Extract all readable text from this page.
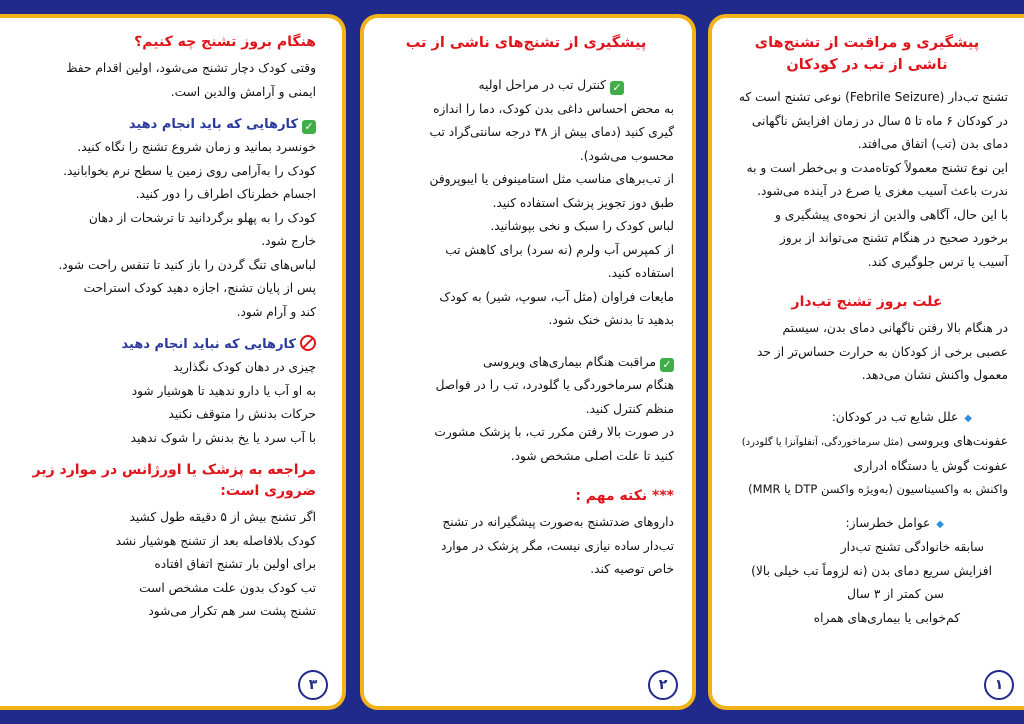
پیشگیری و مراقبت از تشنج‌های
ناشی از تب در کودکان

تشنج تب‌دار (Febrile Seizure) نوعی تشنج است که

در کودکان ۶ ماه تا ۵ سال در زمان افزایش ناگهانی

دمای بدن (تب) اتفاق می‌افتد.

این نوع تشنج معمولاً کوتاه‌مدت و بی‌خطر است و به

ندرت باعث آسیب مغزی یا صرع در آینده می‌شود.

با این حال، آگاهی والدین از نحوه‌ی پیشگیری و

برخورد صحیح در هنگام تشنج می‌تواند از بروز

آسیب یا ترس جلوگیری کند.

علت بروز تشنج تب‌دار

در هنگام بالا رفتن ناگهانی دمای بدن، سیستم

عصبی برخی از کودکان به حرارت حساس‌تر از حد

معمول واکنش نشان می‌دهد.

◆علل شایع تب در کودکان:

عفونت‌های ویروسی (مثل سرماخوردگی، آنفلوآنزا یا گلودرد)

عفونت گوش یا دستگاه ادراری

واکنش به واکسیناسیون (به‌ویژه واکسن DTP یا MMR)

◆عوامل خطرساز:

سابقه خانوادگی تشنج تب‌دار

افزایش سریع دمای بدن (نه لزوماً تب خیلی بالا)

سن کمتر از ۳ سال

کم‌خوابی یا بیماری‌های همراه

۱

پیشگیری از تشنج‌های ناشی از تب

✓کنترل تب در مراحل اولیه

به محض احساس داغی بدن کودک، دما را اندازه

گیری کنید (دمای بیش از ۳۸ درجه سانتی‌گراد تب

محسوب می‌شود).

از تب‌برهای مناسب مثل استامینوفن یا ایبوپروفن

طبق دوز تجویز پزشک استفاده کنید.

لباس کودک را سبک و نخی بپوشانید.

از کمپرس آب ولرم (نه سرد) برای کاهش تب

استفاده کنید.

مایعات فراوان (مثل آب، سوپ، شیر) به کودک

بدهید تا بدنش خنک شود.

✓مراقبت هنگام بیماری‌های ویروسی

هنگام سرماخوردگی یا گلودرد، تب را در فواصل

منظم کنترل کنید.

در صورت بالا رفتن مکرر تب، با پزشک مشورت

کنید تا علت اصلی مشخص شود.

*** نکته مهم :

داروهای ضدتشنج به‌صورت پیشگیرانه در تشنج

تب‌دار ساده نیازی نیست، مگر پزشک در موارد

خاص توصیه کند.

۲

هنگام بروز تشنج چه کنیم؟

وقتی کودک دچار تشنج می‌شود، اولین اقدام حفظ

ایمنی و آرامش والدین است.

✓کارهایی که باید انجام دهید

خونسرد بمانید و زمان شروع تشنج را نگاه کنید.

کودک را به‌آرامی روی زمین یا سطح نرم بخوابانید.

اجسام خطرناک اطراف را دور کنید.

کودک را به پهلو برگردانید تا ترشحات از دهان

خارج شود.

لباس‌های تنگ گردن را باز کنید تا تنفس راحت شود.

پس از پایان تشنج، اجازه دهید کودک استراحت

کند و آرام شود.

کارهایی که نباید انجام دهید

چیزی در دهان کودک نگذارید

به او آب یا دارو ندهید تا هوشیار شود

حرکات بدنش را متوقف نکنید

با آب سرد یا یخ بدنش را شوک ندهید

مراجعه به پزشک یا اورژانس در موارد زیر

ضروری است:

اگر تشنج بیش از ۵ دقیقه طول کشید

کودک بلافاصله بعد از تشنج هوشیار نشد

برای اولین بار تشنج اتفاق افتاده

تب کودک بدون علت مشخص است

تشنج پشت سر هم تکرار می‌شود

۳
